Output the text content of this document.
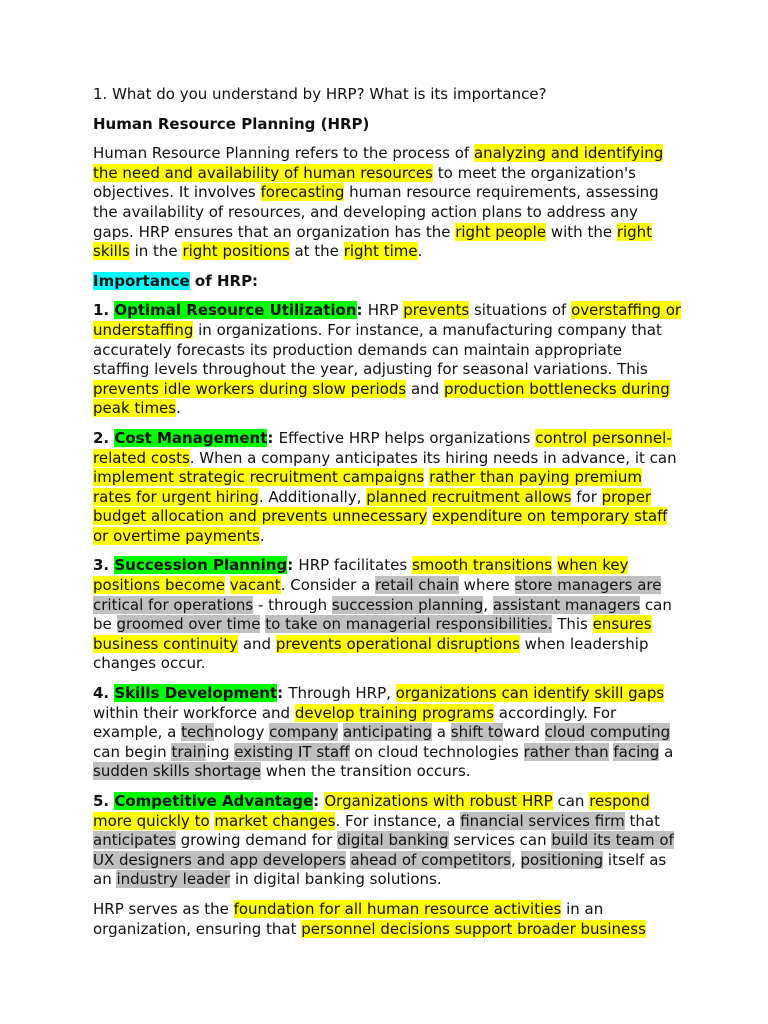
1. What do you understand by HRP? What is its importance?

Human Resource Planning (HRP)

Human Resource Planning refers to the process of analyzing and identifying the need and availability of human resources to meet the organization's objectives. It involves forecasting human resource requirements, assessing the availability of resources, and developing action plans to address any gaps. HRP ensures that an organization has the right people with the right skills in the right positions at the right time.

Importance of HRP:

1. Optimal Resource Utilization: HRP prevents situations of overstaffing or understaffing in organizations. For instance, a manufacturing company that accurately forecasts its production demands can maintain appropriate staffing levels throughout the year, adjusting for seasonal variations. This prevents idle workers during slow periods and production bottlenecks during peak times.

2. Cost Management: Effective HRP helps organizations control personnel-related costs. When a company anticipates its hiring needs in advance, it can implement strategic recruitment campaigns rather than paying premium rates for urgent hiring. Additionally, planned recruitment allows for proper budget allocation and prevents unnecessary expenditure on temporary staff or overtime payments.

3. Succession Planning: HRP facilitates smooth transitions when key positions become vacant. Consider a retail chain where store managers are critical for operations - through succession planning, assistant managers can be groomed over time to take on managerial responsibilities. This ensures business continuity and prevents operational disruptions when leadership changes occur.

4. Skills Development: Through HRP, organizations can identify skill gaps within their workforce and develop training programs accordingly. For example, a technology company anticipating a shift toward cloud computing can begin training existing IT staff on cloud technologies rather than facing a sudden skills shortage when the transition occurs.

5. Competitive Advantage: Organizations with robust HRP can respond more quickly to market changes. For instance, a financial services firm that anticipates growing demand for digital banking services can build its team of UX designers and app developers ahead of competitors, positioning itself as an industry leader in digital banking solutions.

HRP serves as the foundation for all human resource activities in an organization, ensuring that personnel decisions support broader business
